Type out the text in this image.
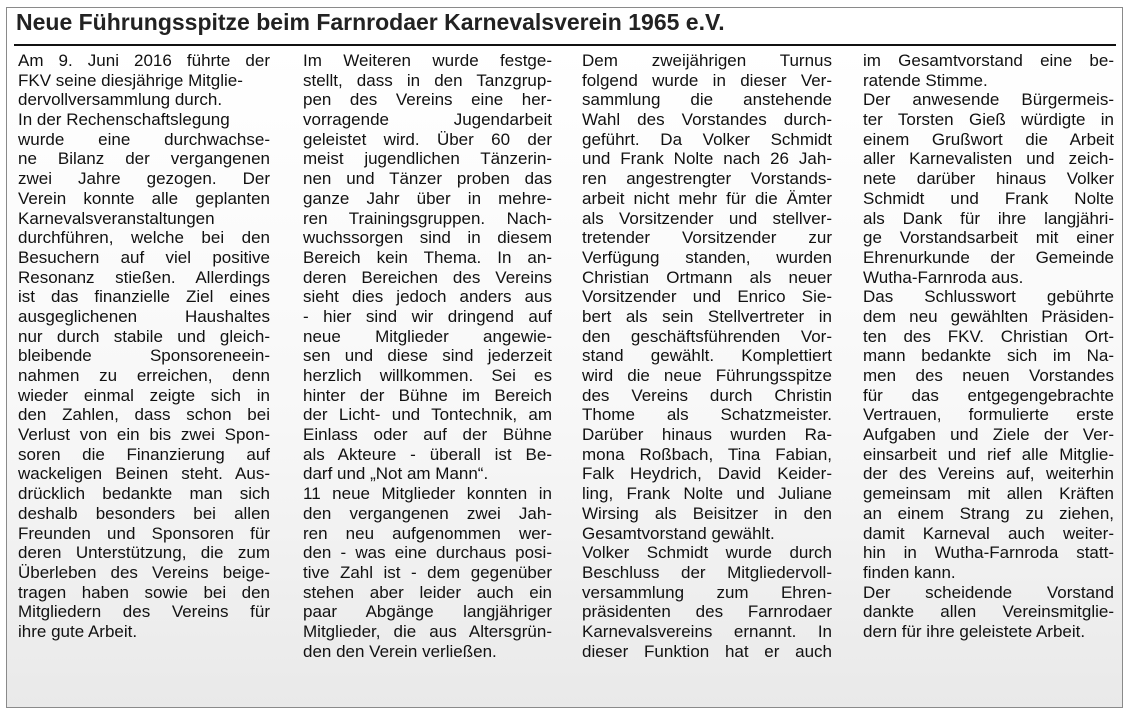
Neue Führungsspitze beim Farnrodaer Karnevalsverein 1965 e.V.
Am 9. Juni 2016 führte der
FKV seine diesjährige Mitglie-
dervollversammlung durch.
In der Rechenschaftslegung
wurde eine durchwachse-
ne Bilanz der vergangenen
zwei Jahre gezogen. Der
Verein konnte alle geplanten
Karnevalsveranstaltungen
durchführen, welche bei den
Besuchern auf viel positive
Resonanz stießen. Allerdings
ist das finanzielle Ziel eines
ausgeglichenen Haushaltes
nur durch stabile und gleich-
bleibende Sponsoreneein-
nahmen zu erreichen, denn
wieder einmal zeigte sich in
den Zahlen, dass schon bei
Verlust von ein bis zwei Spon-
soren die Finanzierung auf
wackeligen Beinen steht. Aus-
drücklich bedankte man sich
deshalb besonders bei allen
Freunden und Sponsoren für
deren Unterstützung, die zum
Überleben des Vereins beige-
tragen haben sowie bei den
Mitgliedern des Vereins für
ihre gute Arbeit.
Im Weiteren wurde festge-
stellt, dass in den Tanzgrup-
pen des Vereins eine her-
vorragende Jugendarbeit
geleistet wird. Über 60 der
meist jugendlichen Tänzerin-
nen und Tänzer proben das
ganze Jahr über in mehre-
ren Trainingsgruppen. Nach-
wuchssorgen sind in diesem
Bereich kein Thema. In an-
deren Bereichen des Vereins
sieht dies jedoch anders aus
- hier sind wir dringend auf
neue Mitglieder angewie-
sen und diese sind jederzeit
herzlich willkommen. Sei es
hinter der Bühne im Bereich
der Licht- und Tontechnik, am
Einlass oder auf der Bühne
als Akteure - überall ist Be-
darf und „Not am Mann“.
11 neue Mitglieder konnten in
den vergangenen zwei Jah-
ren neu aufgenommen wer-
den - was eine durchaus posi-
tive Zahl ist - dem gegenüber
stehen aber leider auch ein
paar Abgänge langjähriger
Mitglieder, die aus Altersgrün-
den den Verein verließen.
Dem zweijährigen Turnus
folgend wurde in dieser Ver-
sammlung die anstehende
Wahl des Vorstandes durch-
geführt. Da Volker Schmidt
und Frank Nolte nach 26 Jah-
ren angestrengter Vorstands-
arbeit nicht mehr für die Ämter
als Vorsitzender und stellver-
tretender Vorsitzender zur
Verfügung standen, wurden
Christian Ortmann als neuer
Vorsitzender und Enrico Sie-
bert als sein Stellvertreter in
den geschäftsführenden Vor-
stand gewählt. Komplettiert
wird die neue Führungsspitze
des Vereins durch Christin
Thome als Schatzmeister.
Darüber hinaus wurden Ra-
mona Roßbach, Tina Fabian,
Falk Heydrich, David Keider-
ling, Frank Nolte und Juliane
Wirsing als Beisitzer in den
Gesamtvorstand gewählt.
Volker Schmidt wurde durch
Beschluss der Mitgliedervoll-
versammlung zum Ehren-
präsidenten des Farnrodaer
Karnevalsvereins ernannt. In
dieser Funktion hat er auch
im Gesamtvorstand eine be-
ratende Stimme.
Der anwesende Bürgermeis-
ter Torsten Gieß würdigte in
einem Grußwort die Arbeit
aller Karnevalisten und zeich-
nete darüber hinaus Volker
Schmidt und Frank Nolte
als Dank für ihre langjähri-
ge Vorstandsarbeit mit einer
Ehrenurkunde der Gemeinde
Wutha-Farnroda aus.
Das Schlusswort gebührte
dem neu gewählten Präsiden-
ten des FKV. Christian Ort-
mann bedankte sich im Na-
men des neuen Vorstandes
für das entgegengebrachte
Vertrauen, formulierte erste
Aufgaben und Ziele der Ver-
einsarbeit und rief alle Mitglie-
der des Vereins auf, weiterhin
gemeinsam mit allen Kräften
an einem Strang zu ziehen,
damit Karneval auch weiter-
hin in Wutha-Farnroda statt-
finden kann.
Der scheidende Vorstand
dankte allen Vereinsmitglie-
dern für ihre geleistete Arbeit.
